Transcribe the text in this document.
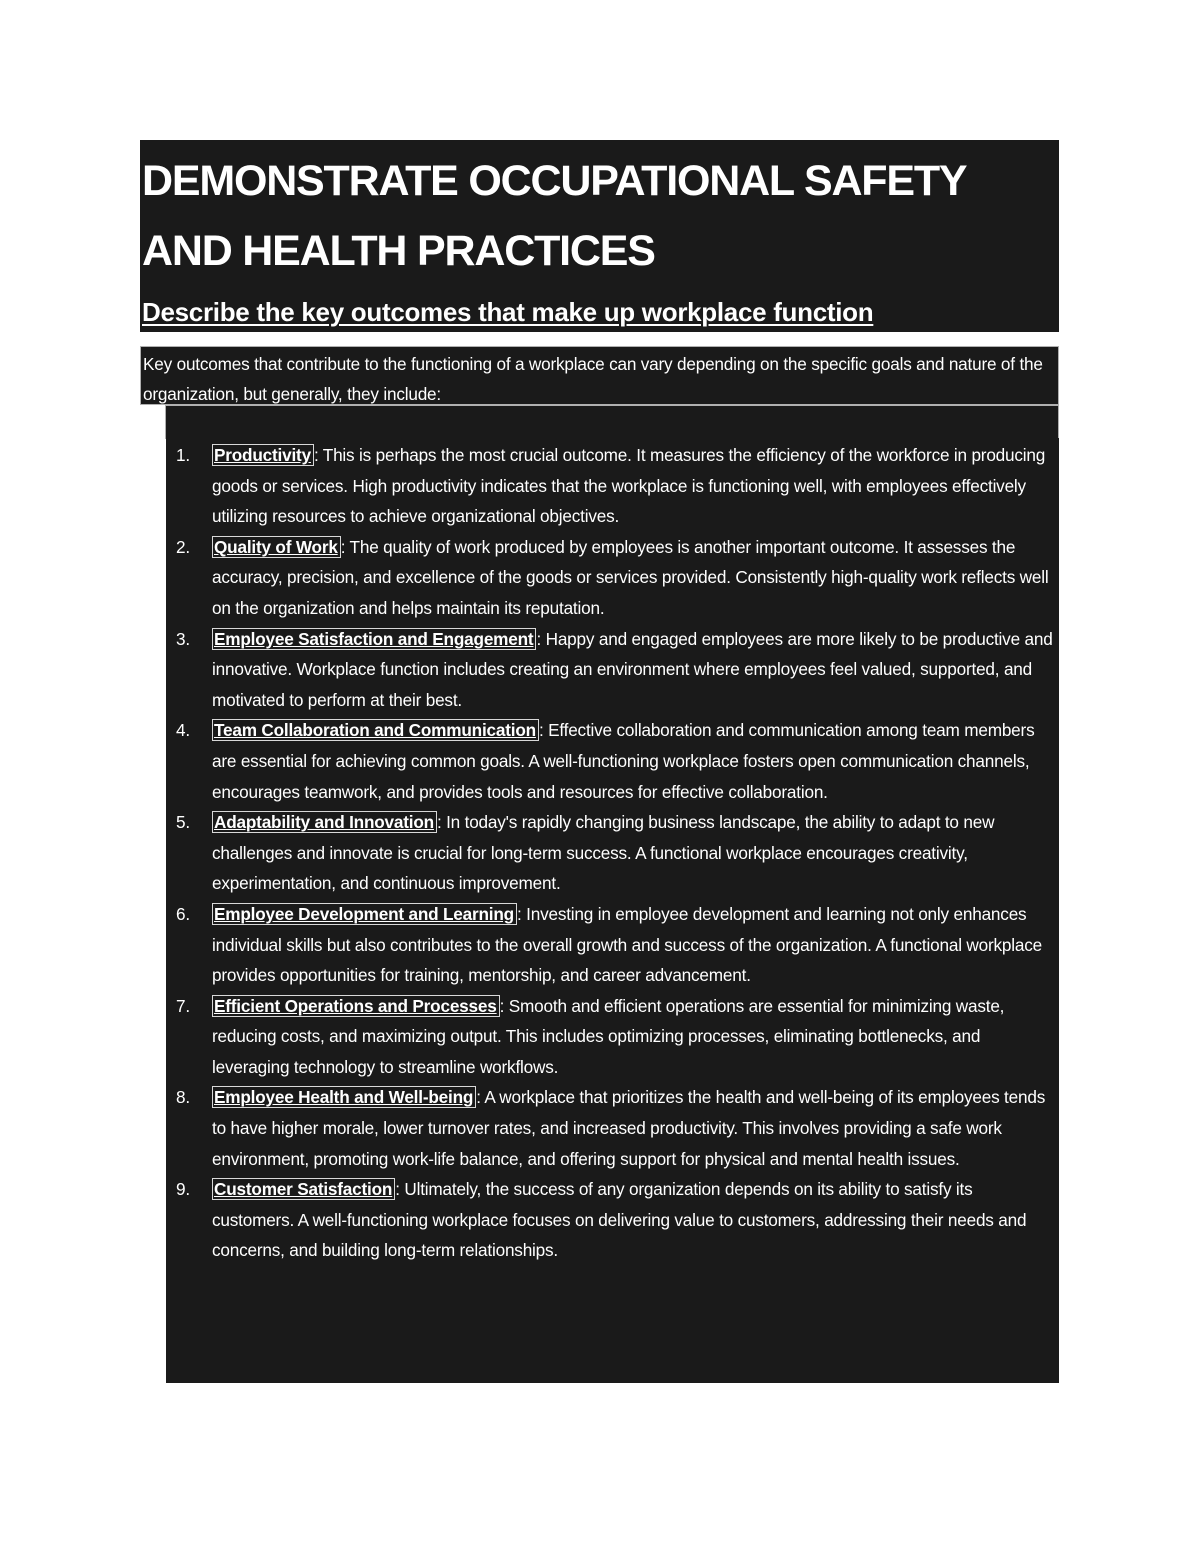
DEMONSTRATE OCCUPATIONAL SAFETY AND HEALTH PRACTICES
Describe the key outcomes that make up workplace function

Key outcomes that contribute to the functioning of a workplace can vary depending on the specific goals and nature of the organization, but generally, they include:

1.	Productivity : This is perhaps the most crucial outcome. It measures the efficiency of the workforce in producing goods or services. High productivity indicates that the workplace is functioning well, with employees effectively utilizing resources to achieve organizational objectives.
2.	Quality of Work : The quality of work produced by employees is another important outcome. It assesses the accuracy, precision, and excellence of the goods or services provided. Consistently high-quality work reflects well on the organization and helps maintain its reputation.
3.	Employee Satisfaction and Engagement : Happy and engaged employees are more likely to be productive and innovative. Workplace function includes creating an environment where employees feel valued, supported, and motivated to perform at their best.
4.	Team Collaboration and Communication : Effective collaboration and communication among team members are essential for achieving common goals. A well-functioning workplace fosters open communication channels, encourages teamwork, and provides tools and resources for effective collaboration.
5.	Adaptability and Innovation : In today's rapidly changing business landscape, the ability to adapt to new challenges and innovate is crucial for long-term success. A functional workplace encourages creativity, experimentation, and continuous improvement.
6.	Employee Development and Learning : Investing in employee development and learning not only enhances individual skills but also contributes to the overall growth and success of the organization. A functional workplace provides opportunities for training, mentorship, and career advancement.
7.	Efficient Operations and Processes : Smooth and efficient operations are essential for minimizing waste, reducing costs, and maximizing output. This includes optimizing processes, eliminating bottlenecks, and leveraging technology to streamline workflows.
8.	Employee Health and Well-being : A workplace that prioritizes the health and well-being of its employees tends to have higher morale, lower turnover rates, and increased productivity. This involves providing a safe work environment, promoting work-life balance, and offering support for physical and mental health issues.
9.	Customer Satisfaction : Ultimately, the success of any organization depends on its ability to satisfy its customers. A well-functioning workplace focuses on delivering value to customers, addressing their needs and concerns, and building long-term relationships.
